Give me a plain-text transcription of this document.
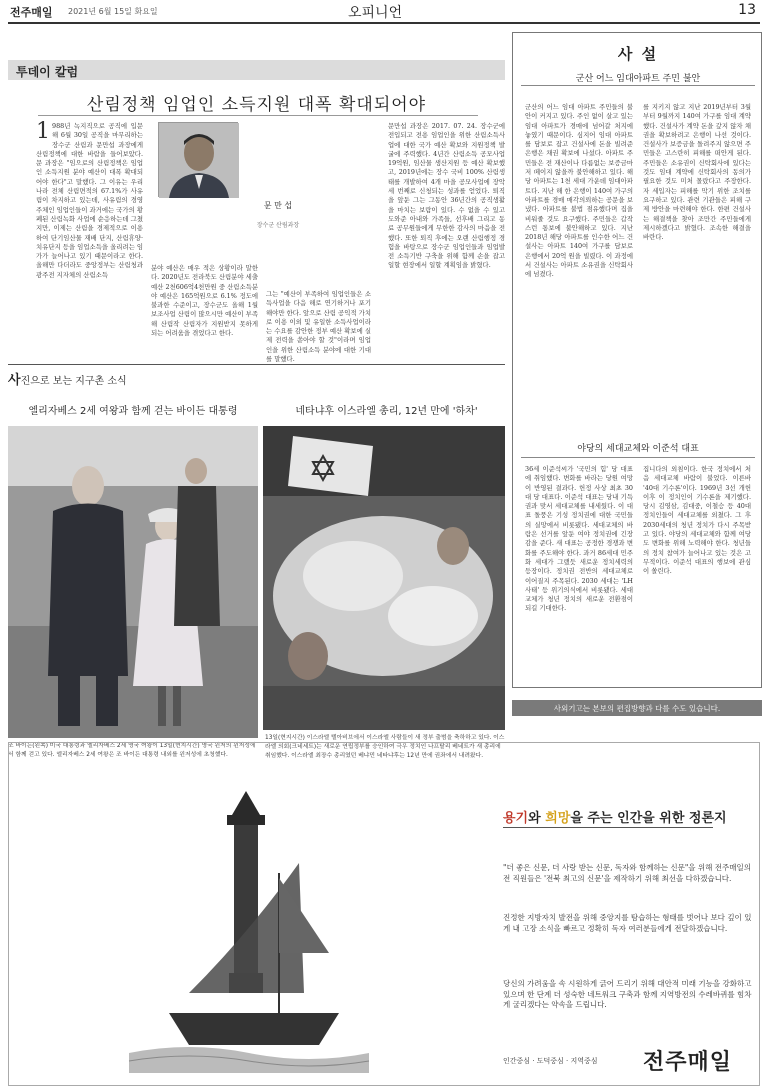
전주매일 2021년 6월 15일 화요일	오피니언	13
투데이 칼럼
산림정책 임업인 소득지원 대폭 확대되어야
1 988년 녹지직으로 공직에 입문해 6월 30일 공직을 마무리하는 장수군 산림과 문만섭 과장에게 산림정책에 대한 바람을 들어보았다. 문 과장은 "임으로의 산림정책은 임업인 소득지원 분야 예산이 대폭 확대되어야 한다"고 말했다. 그 이유는 우리나라 전체 산림면적의 67.1%가 사유림이 차지하고 있는데, 사유림의 경영 주체인 임업인들이 과거에는 국가의 황폐된 산림녹화 사업에 순응하는데 그쳤지만, 이제는 산림을 경제적으로 이용하여 단기임산물 재배 단지, 산림휴양·치유단지 등을 임업소득을 올리려는 임가가 늘어나고 있기 때문이라고 한다. 올해만 다더라도 중앙정부는 산림청과 광주전 지자체의 산림소득
문 만 섭
장수군 산림과장
분야 예산은 매우 적은 상황이라 말한다. 2020년도 전라북도 산림분야 세출예산 2천606억4천만원 중 산림소득분야 예산은 165억원으로 6.1% 정도에 불과한 수준이고, 장수군도 올해 1월 보조사업 산림이 많으시만 예산이 부족해 산림작 산림자가 지원받지 못하게 되는 어려움을 겪었다고 한다.
그는 "예산이 부족하여 임업인들은 소득사업을 다음 해로 연기하거나 포기해야만 한다. 앞으로 산림 공익적 가치로 이용 이외 및 유일한 소득사업이라는 수요를 감안한 정부 예산 확보에 실제 전력을 쏟아야 할 것"이라며 임업인을 위한 산림소득 분야에 대한 기대를 말했다.
문만섭 과장은 2017. 07. 24. 장수군에 전입되고 전용 임업인을 위한 산림소득사업에 대한 국가 예산 확보와 지원정책 발굴에 주력했다. 4년간 산림소득 공모사업 19억원, 임산물 생산지원 등 예산 확보했고, 2019년에는 장수 국비 100% 산림생태를 개발하여 4개 마을 공모사업에 장악 세 번째로 신청되는 성과를 얻었다. 퇴직을 앞둔 그는 그동안 36년간의 공직생활을 마치는 보람이 있다. 수 없을 수 있고 도와준 아내와 가족들, 선후배 그리고 동료 공무원들에게 무한한 감사의 마음을 전했다. 또한 퇴직 후에는 오랜 산림행정 경험을 바탕으로 장수군 임업인들과 임업발전 소득기반 구축을 위해 함께 손을 잡고 일할 현장에서 일할 계획임을 밝혔다.
사 설
군산 어느 임대아파트 주민 불안
군산의 어느 임대 아파트 주민들의 불안이 커지고 있다. 주인 없이 살고 있는 임대 아파트가 경매에 넘어갈 처지에 놓였기 때문이다. 심지어 임대 아파트를 담보로 잡고 건설사에 돈을 빌려준 은행은 채권 확보에 나섰다. 아파트 주민들은 전 재산이나 다름없는 보증금마저 떼이지 않을까 불안해하고 있다. 해당 아파트는 1천 세대 가운데 임대아파트다. 지난 해 한 은행이 140여 가구의 아파트를 경매 매각의뢰하는 공문을 보냈다. 아파트를 불법 점유했다며 집을 비워줄 것도 요구했다. 주민들은 갑작스런 통보에 불안해하고 있다. 지난 2018년 해당 아파트를 인수한 어느 건설사는 아파트 140여 가구를 담보로 은행에서 20억 원을 빌렸다. 이 과정에서 건설사는 아파트 소유권을 신탁회사에 넘겼다.
를 지키지 않고 지난 2019년부터 3월부터 9월까지 140여 가구를 임대 계약했다. 건설사가 계약 돈을 갚지 않자 채권을 확보하려고 은행이 나선 것이다. 건설사가 보증금을 돌려주지 않으면 주민들은 고스란히 피해를 떠안게 된다. 주민들은 소유권이 신탁회사에 있다는 것도 임대 계약에 신탁회사의 동의가 필요한 것도 미처 몰랐다고 주장한다. 자 세입자는 피해를 막기 위한 조치를 요구하고 있다. 관련 기관들은 피해 구제 방안을 마련해야 한다. 한편 건설사는 해결책을 찾아 조만간 주민들에게 제시하겠다고 밝혔다. 조속한 해결을 바란다.
야당의 세대교체와 이준석 대표
36세 이준석씨가 '국민의 힘' 당 대표에 취임했다. 변화를 바라는 당원 여망이 반영된 결과다. 헌정 사상 최초 30대 당 대표다. 이준석 대표는 당내 기득권과 맞서 세대교체를 내세웠다. 이 대표 돌풍은 기성 정치권에 대한 국민들의 실망에서 비롯됐다. 세대교체의 바람은 선거를 앞둔 여야 정치권에 긴장감을 준다. 새 대표는 공정한 경쟁과 변화를 주도해야 한다. 과거 86세대 민주화 세대가 그랬듯 새로운 정치세력의 등장이다. 정치권 전반의 세대교체로 이어질지 주목된다. 2030 세대는 'LH 사태' 등 위기의식에서 비롯됐다. 세대교체가 청년 정치의 새로운 전환점이 되길 기대한다.
집니다의 외침이다. 한국 정치에서 처음 세대교체 바람이 불었다. 이른바 '40대 기수론'이다. 1969년 3선 개헌 이후 이 정치인이 기수론을 제기했다. 당시 김영삼, 김대중, 이철승 등 40대 정치인들이 세대교체를 외쳤다. 그 후 2030세대의 청년 정치가 다시 주목받고 있다. 야당의 세대교체와 함께 여당도 변화를 위해 노력해야 한다. 청년들의 정치 참여가 늘어나고 있는 것은 고무적이다. 이준석 대표의 행보에 관심이 쏠린다.
사외기고는 본보의 편집방향과 다를 수도 있습니다.
사진으로 보는 지구촌 소식
엘리자베스 2세 여왕과 함께 걷는 바이든 대통령	네타냐후 이스라엘 총리, 12년 만에 '하차'
조 바이든(왼쪽) 미국 대통령과 엘리자베스 2세 영국 여왕이 13일(현지시간) 영국 윈저의 윈저성에서 함께 걷고 있다. 엘리자베스 2세 여왕은 조 바이든 대통령 내외를 윈저성에 초청했다.
13일(현지시간) 이스라엘 텔아비브에서 이스라엘 사람들이 새 정부 출범을 축하하고 있다. 이스라엘 의회(크네세트)는 새로운 연립정부를 승인하여 극우 정치인 나프탈리 베네트가 새 총리에 취임했다. 이스라엘 최장수 총리였던 베냐민 네타냐후는 12년 만에 권좌에서 내려왔다.
용기와 희망을 주는 인간을 위한 정론지
"더 좋은 신문, 더 사랑 받는 신문, 독자와 함께하는 신문"을 위해 전주매일의 전 직원들은 '전북 최고의 신문'을 제작하기 위해 최선을 다하겠습니다.
진정한 지방자치 발전을 위해 중앙지를 탐습하는 형태를 벗어나 보다 깊이 있게 내 고장 소식을 빠르고 정확히 독자 여러분들에게 전달하겠습니다.
당신의 가려움을 속 시원하게 긁어 드리기 위해 대안적 미래 기능을 강화하고 있으며 한 단계 더 성숙한 네트워크 구축과 함께 지역방전의 수레바퀴를 힘차게 굴리겠다는 약속을 드립니다.
인간중심 · 도덕중심 · 지역중심 전주매일
